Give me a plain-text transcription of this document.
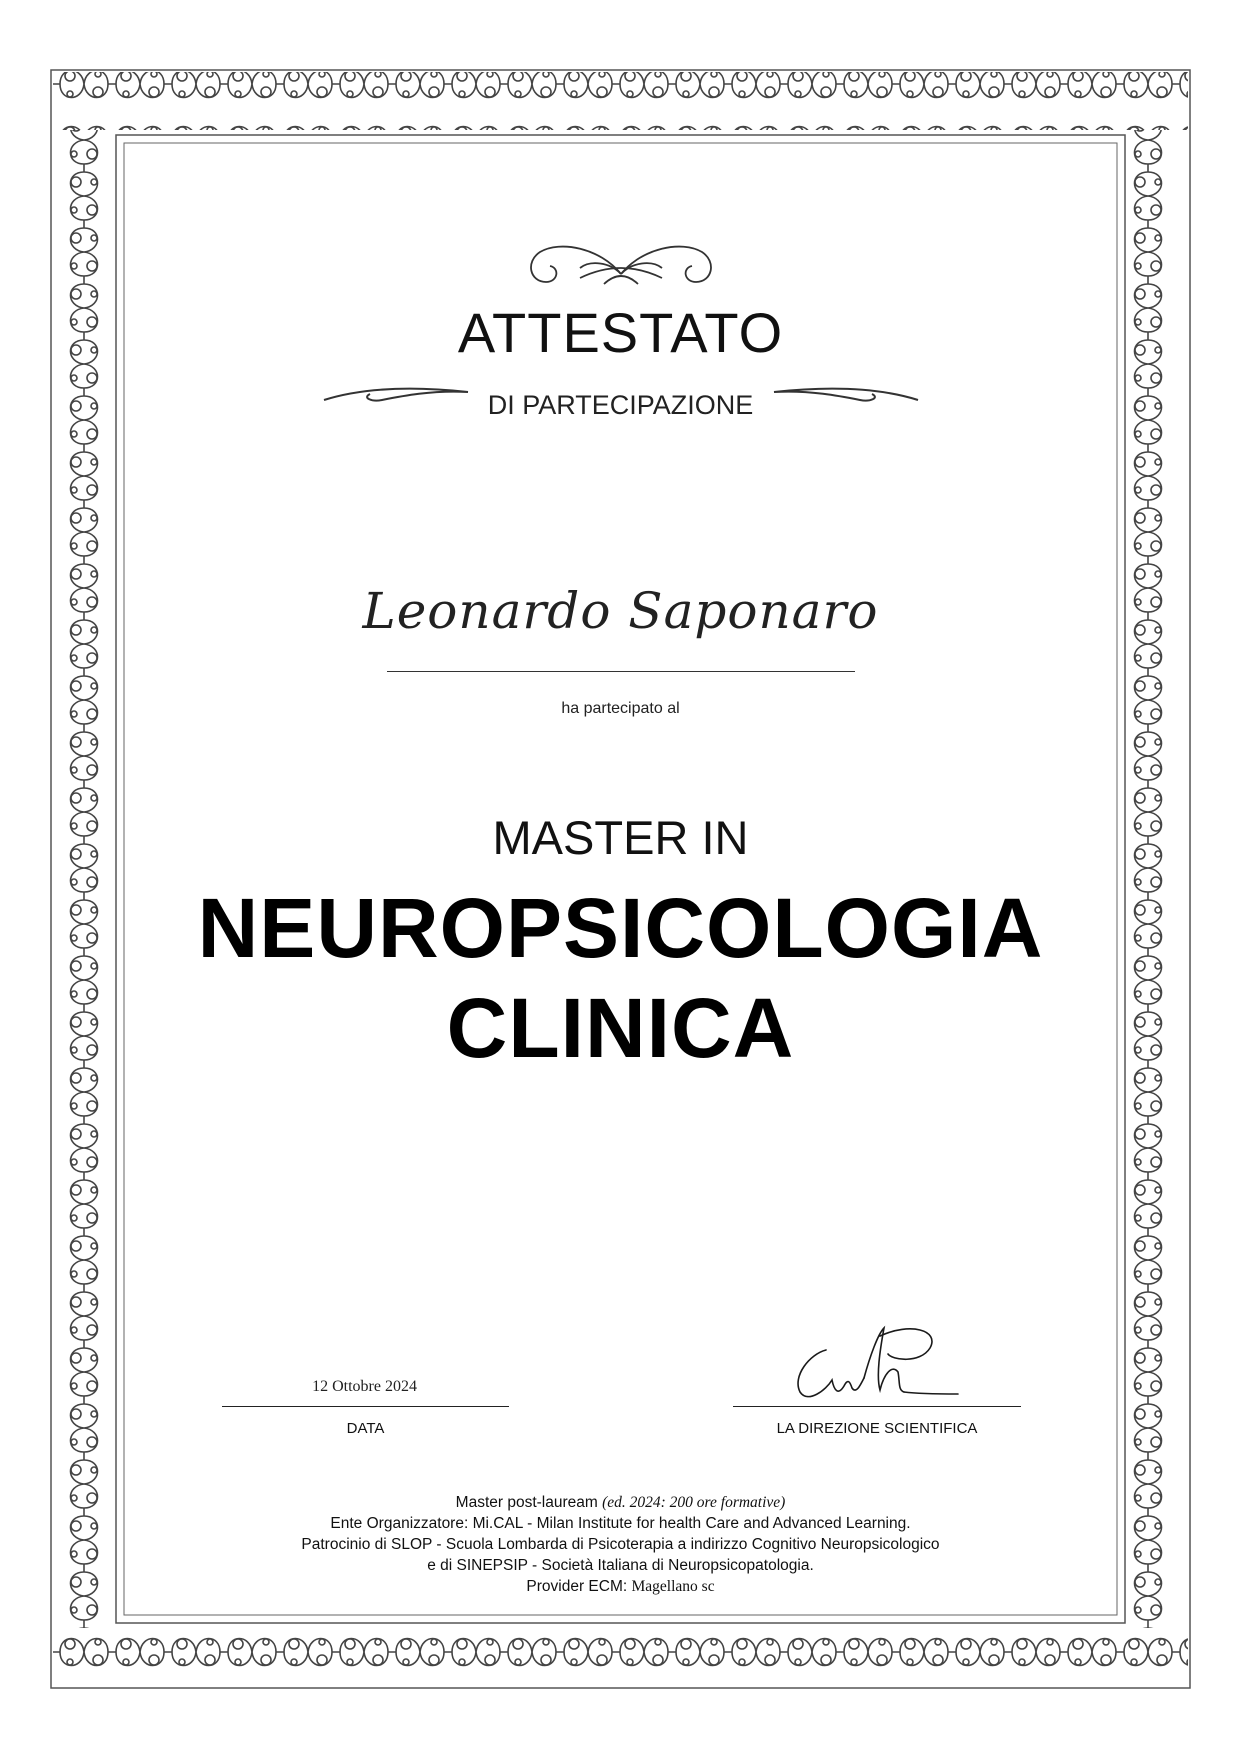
ATTESTATO
DI PARTECIPAZIONE
Leonardo Saponaro
ha partecipato al
MASTER IN
NEUROPSICOLOGIA
CLINICA
12 Ottobre 2024
DATA	LA DIREZIONE SCIENTIFICA
Master post-lauream (ed. 2024: 200 ore formative)
Ente Organizzatore: Mi.CAL - Milan Institute for health Care and Advanced Learning.
Patrocinio di SLOP - Scuola Lombarda di Psicoterapia a indirizzo Cognitivo Neuropsicologico
e di SINEPSIP - Società Italiana di Neuropsicopatologia.
Provider ECM: Magellano sc
